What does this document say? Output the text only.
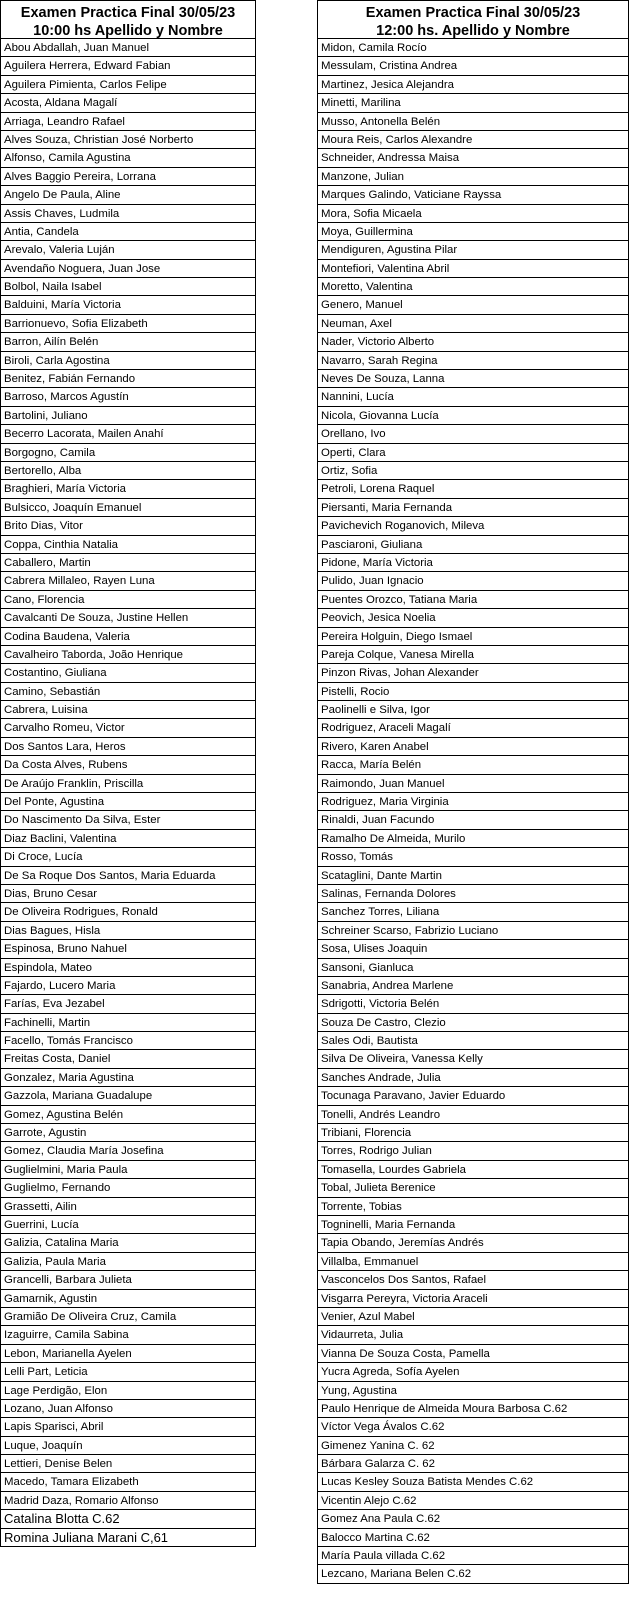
Examen Practica Final 30/05/23
10:00 hs Apellido y Nombre
Abou Abdallah, Juan Manuel
Aguilera Herrera, Edward Fabian
Aguilera Pimienta, Carlos Felipe
Acosta, Aldana Magalí
Arriaga, Leandro Rafael
Alves Souza, Christian José Norberto
Alfonso, Camila Agustina
Alves Baggio Pereira, Lorrana
Angelo De Paula, Aline
Assis Chaves, Ludmila
Antia, Candela
Arevalo, Valeria Luján
Avendaño Noguera, Juan Jose
Bolbol, Naila Isabel
Balduini, María Victoria
Barrionuevo, Sofia Elizabeth
Barron, Ailín Belén
Biroli, Carla Agostina
Benitez, Fabián Fernando
Barroso, Marcos Agustín
Bartolini, Juliano
Becerro Lacorata, Mailen Anahí
Borgogno, Camila
Bertorello, Alba
Braghieri, María Victoria
Bulsicco, Joaquín Emanuel
Brito Dias, Vitor
Coppa, Cinthia Natalia
Caballero, Martin
Cabrera Millaleo, Rayen Luna
Cano, Florencia
Cavalcanti De Souza, Justine Hellen
Codina Baudena, Valeria
Cavalheiro Taborda, João Henrique
Costantino, Giuliana
Camino, Sebastián
Cabrera, Luisina
Carvalho Romeu, Victor
Dos Santos Lara, Heros
Da Costa Alves, Rubens
De Araújo Franklin, Priscilla
Del Ponte, Agustina
Do Nascimento Da Silva, Ester
Diaz Baclini, Valentina
Di Croce, Lucía
De Sa Roque Dos Santos, Maria Eduarda
Dias, Bruno Cesar
De Oliveira Rodrigues, Ronald
Dias Bagues, Hisla
Espinosa, Bruno Nahuel
Espindola, Mateo
Fajardo, Lucero Maria
Farías, Eva Jezabel
Fachinelli, Martin
Facello, Tomás Francisco
Freitas Costa, Daniel
Gonzalez, Maria Agustina
Gazzola, Mariana Guadalupe
Gomez, Agustina Belén
Garrote, Agustin
Gomez, Claudia María Josefina
Guglielmini, Maria Paula
Guglielmo, Fernando
Grassetti, Ailin
Guerrini, Lucía
Galizia, Catalina Maria
Galizia, Paula Maria
Grancelli, Barbara Julieta
Gamarnik, Agustin
Gramião De Oliveira Cruz, Camila
Izaguirre, Camila Sabina
Lebon, Marianella Ayelen
Lelli Part, Leticia
Lage Perdigão, Elon
Lozano, Juan Alfonso
Lapis Sparisci, Abril
Luque, Joaquín
Lettieri, Denise Belen
Macedo, Tamara Elizabeth
Madrid Daza, Romario Alfonso
Catalina Blotta C.62
Romina Juliana Marani C,61
Examen Practica Final 30/05/23
12:00 hs. Apellido y Nombre
Midon, Camila Rocío
Messulam, Cristina Andrea
Martinez, Jesica Alejandra
Minetti, Marilina
Musso, Antonella Belén
Moura Reis, Carlos Alexandre
Schneider, Andressa Maisa
Manzone, Julian
Marques Galindo, Vaticiane Rayssa
Mora, Sofia Micaela
Moya, Guillermina
Mendiguren, Agustina Pilar
Montefiori, Valentina Abril
Moretto, Valentina
Genero, Manuel
Neuman, Axel
Nader, Victorio Alberto
Navarro, Sarah Regina
Neves De Souza, Lanna
Nannini, Lucía
Nicola, Giovanna Lucía
Orellano, Ivo
Operti, Clara
Ortiz, Sofia
Petroli, Lorena Raquel
Piersanti, Maria Fernanda
Pavichevich Roganovich, Mileva
Pasciaroni, Giuliana
Pidone, María Victoria
Pulido, Juan Ignacio
Puentes Orozco, Tatiana Maria
Peovich, Jesica Noelia
Pereira Holguin, Diego Ismael
Pareja Colque, Vanesa Mirella
Pinzon Rivas, Johan Alexander
Pistelli, Rocio
Paolinelli e Silva, Igor
Rodriguez, Araceli Magalí
Rivero, Karen Anabel
Racca, María Belén
Raimondo, Juan Manuel
Rodriguez, Maria Virginia
Rinaldi, Juan Facundo
Ramalho De Almeida, Murilo
Rosso, Tomás
Scataglini, Dante Martin
Salinas, Fernanda Dolores
Sanchez Torres, Liliana
Schreiner Scarso, Fabrizio Luciano
Sosa, Ulises Joaquin
Sansoni, Gianluca
Sanabria, Andrea Marlene
Sdrigotti, Victoria Belén
Souza De Castro, Clezio
Sales Odi, Bautista
Silva De Oliveira, Vanessa Kelly
Sanches Andrade, Julia
Tocunaga Paravano, Javier Eduardo
Tonelli, Andrés Leandro
Tribiani, Florencia
Torres, Rodrigo Julian
Tomasella, Lourdes Gabriela
Tobal, Julieta Berenice
Torrente, Tobias
Togninelli, Maria Fernanda
Tapia Obando, Jeremías Andrés
Villalba, Emmanuel
Vasconcelos Dos Santos, Rafael
Visgarra Pereyra, Victoria Araceli
Venier, Azul Mabel
Vidaurreta, Julia
Vianna De Souza Costa, Pamella
Yucra Agreda, Sofía Ayelen
Yung, Agustina
Paulo Henrique de Almeida Moura Barbosa C.62
Víctor Vega Ávalos C.62
Gimenez Yanina C. 62
Bárbara Galarza C. 62
Lucas Kesley Souza Batista Mendes C.62
Vicentin Alejo C.62
Gomez Ana Paula C.62
Balocco Martina C.62
María Paula villada C.62
Lezcano, Mariana Belen C.62
